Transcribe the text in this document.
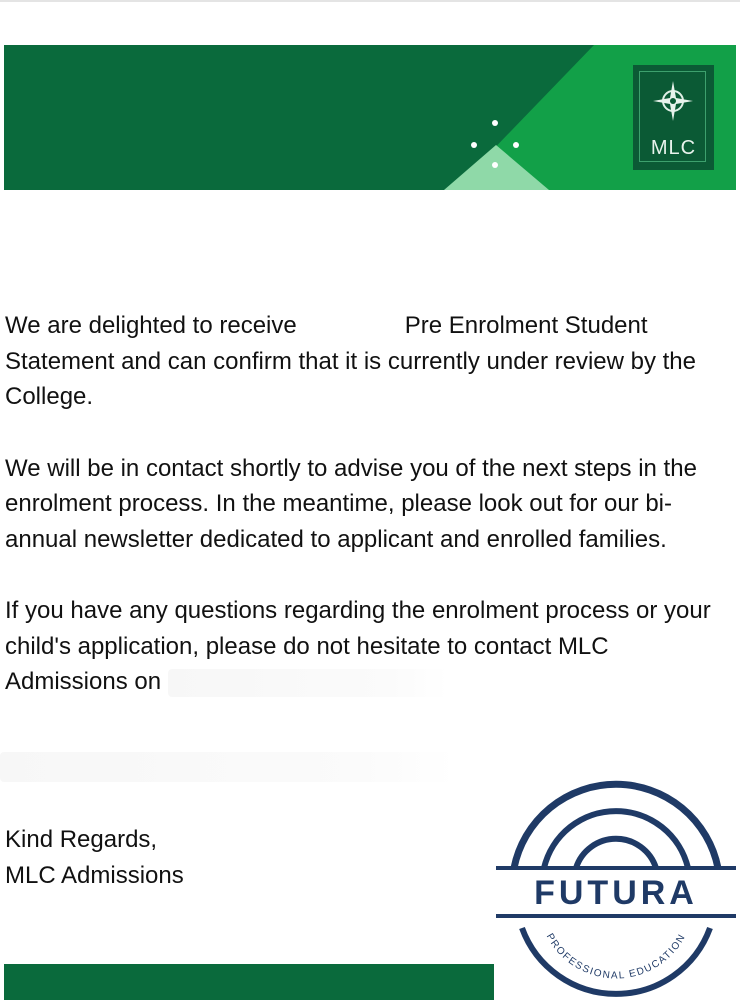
MLC

We are delighted to receive	Pre Enrolment Student Statement and can confirm that it is currently under review by the College.

We will be in contact shortly to advise you of the next steps in the enrolment process. In the meantime, please look out for our bi-annual newsletter dedicated to applicant and enrolled families.

If you have any questions regarding the enrolment process or your child's application, please do not hesitate to contact MLC Admissions on

Kind Regards,
MLC Admissions	FUTURA
PROFESSIONAL EDUCATION
